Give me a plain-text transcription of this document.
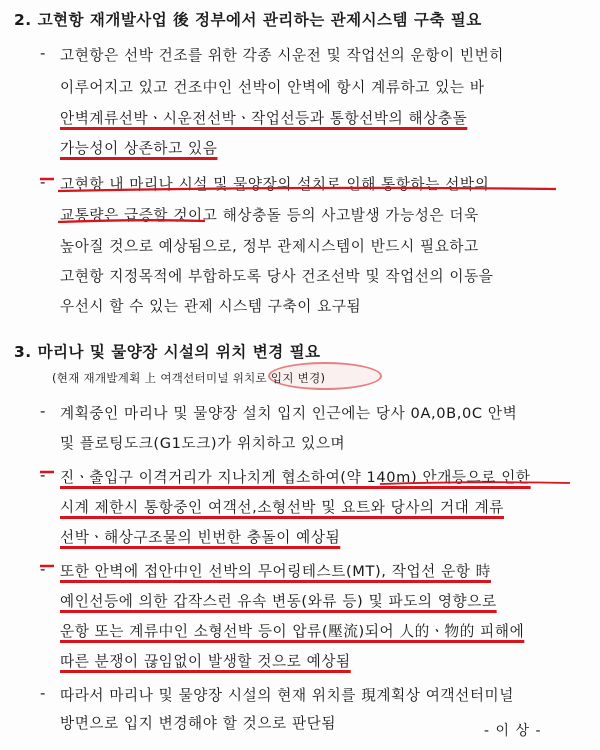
2. 고현항 재개발사업 後 정부에서 관리하는 관제시스템 구축 필요
- 고현항은 선박 건조를 위한 각종 시운전 및 작업선의 운항이 빈번히
이루어지고 있고 건조中인 선박이 안벽에 항시 계류하고 있는 바
안벽계류선박ㆍ시운전선박ㆍ작업선등과 통항선박의 해상충돌
가능성이 상존하고 있음
- 고현항 내 마리나 시설 및 물양장의 설치로 인해 통항하는 선박의
교통량은 급증할 것이고 해상충돌 등의 사고발생 가능성은 더욱
높아질 것으로 예상됨으로, 정부 관제시스템이 반드시 필요하고
고현항 지정목적에 부합하도록 당사 건조선박 및 작업선의 이동을
우선시 할 수 있는 관제 시스템 구축이 요구됨
3. 마리나 및 물양장 시설의 위치 변경 필요
(현재 재개발계획 上 여객선터미널 위치로 입지 변경)
- 계획중인 마리나 및 물양장 설치 입지 인근에는 당사 0A,0B,0C 안벽
및 플로팅도크(G1도크)가 위치하고 있으며
- 진ㆍ출입구 이격거리가 지나치게 협소하여(약 140m) 안개등으로 인한
시계 제한시 통항중인 여객선,소형선박 및 요트와 당사의 거대 계류
선박ㆍ해상구조물의 빈번한 충돌이 예상됨
- 또한 안벽에 접안中인 선박의 무어링테스트(MT), 작업선 운항 時
예인선등에 의한 갑작스런 유속 변동(와류 등) 및 파도의 영향으로
운항 또는 계류中인 소형선박 등이 압류(壓流)되어 人的ㆍ物的 피해에
따른 분쟁이 끊임없이 발생할 것으로 예상됨
- 따라서 마리나 및 물양장 시설의 현재 위치를 現계획상 여객선터미널
방면으로 입지 변경해야 할 것으로 판단됨	- 이 상 -
